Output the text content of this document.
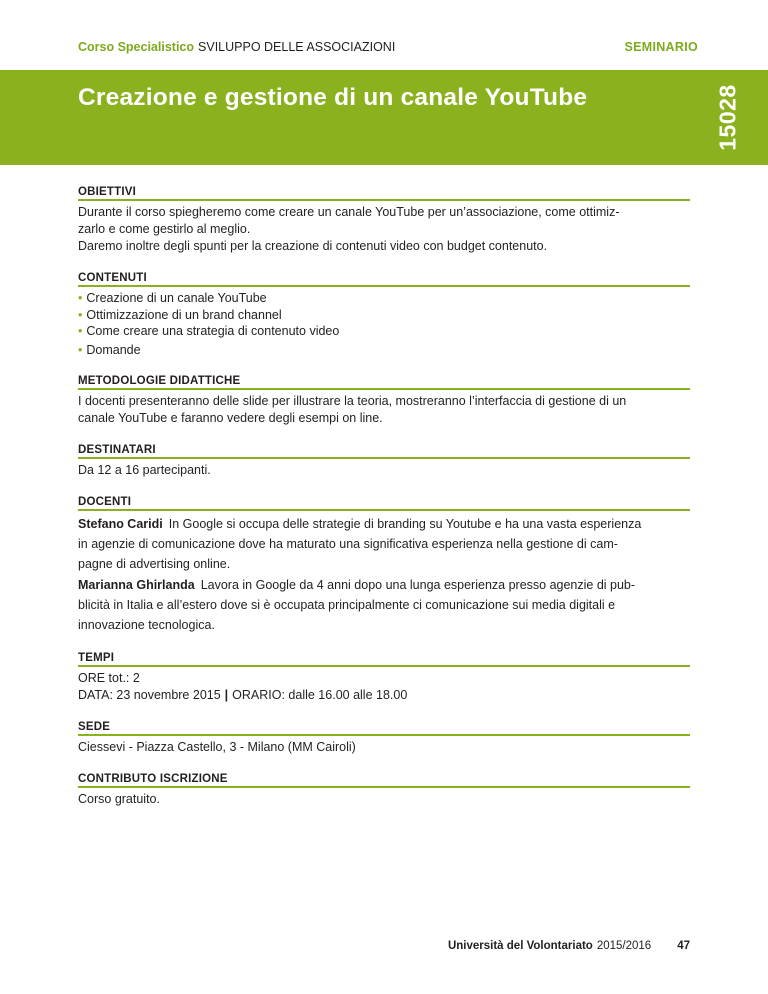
Corso Specialistico SVILUPPO DELLE ASSOCIAZIONI	SEMINARIO
Creazione e gestione di un canale YouTube	15028
OBIETTIVI
Durante il corso spiegheremo come creare un canale YouTube per un’associazione, come ottimiz-
zarlo e come gestirlo al meglio.
Daremo inoltre degli spunti per la creazione di contenuti video con budget contenuto.
CONTENUTI
• Creazione di un canale YouTube
• Ottimizzazione di un brand channel
• Come creare una strategia di contenuto video
• Domande
METODOLOGIE DIDATTICHE
I docenti presenteranno delle slide per illustrare la teoria, mostreranno l’interfaccia di gestione di un
canale YouTube e faranno vedere degli esempi on line.
DESTINATARI
Da 12 a 16 partecipanti.
DOCENTI
Stefano Caridi In Google si occupa delle strategie di branding su Youtube e ha una vasta esperienza
in agenzie di comunicazione dove ha maturato una significativa esperienza nella gestione di cam-
pagne di advertising online.
Marianna Ghirlanda Lavora in Google da 4 anni dopo una lunga esperienza presso agenzie di pub-
blicità in Italia e all’estero dove si è occupata principalmente ci comunicazione sui media digitali e
innovazione tecnologica.
TEMPI
ORE tot.: 2
DATA: 23 novembre 2015 | ORARIO: dalle 16.00 alle 18.00
SEDE
Ciessevi - Piazza Castello, 3 - Milano (MM Cairoli)
CONTRIBUTO ISCRIZIONE
Corso gratuito.
Università del Volontariato 2015/2016 47
